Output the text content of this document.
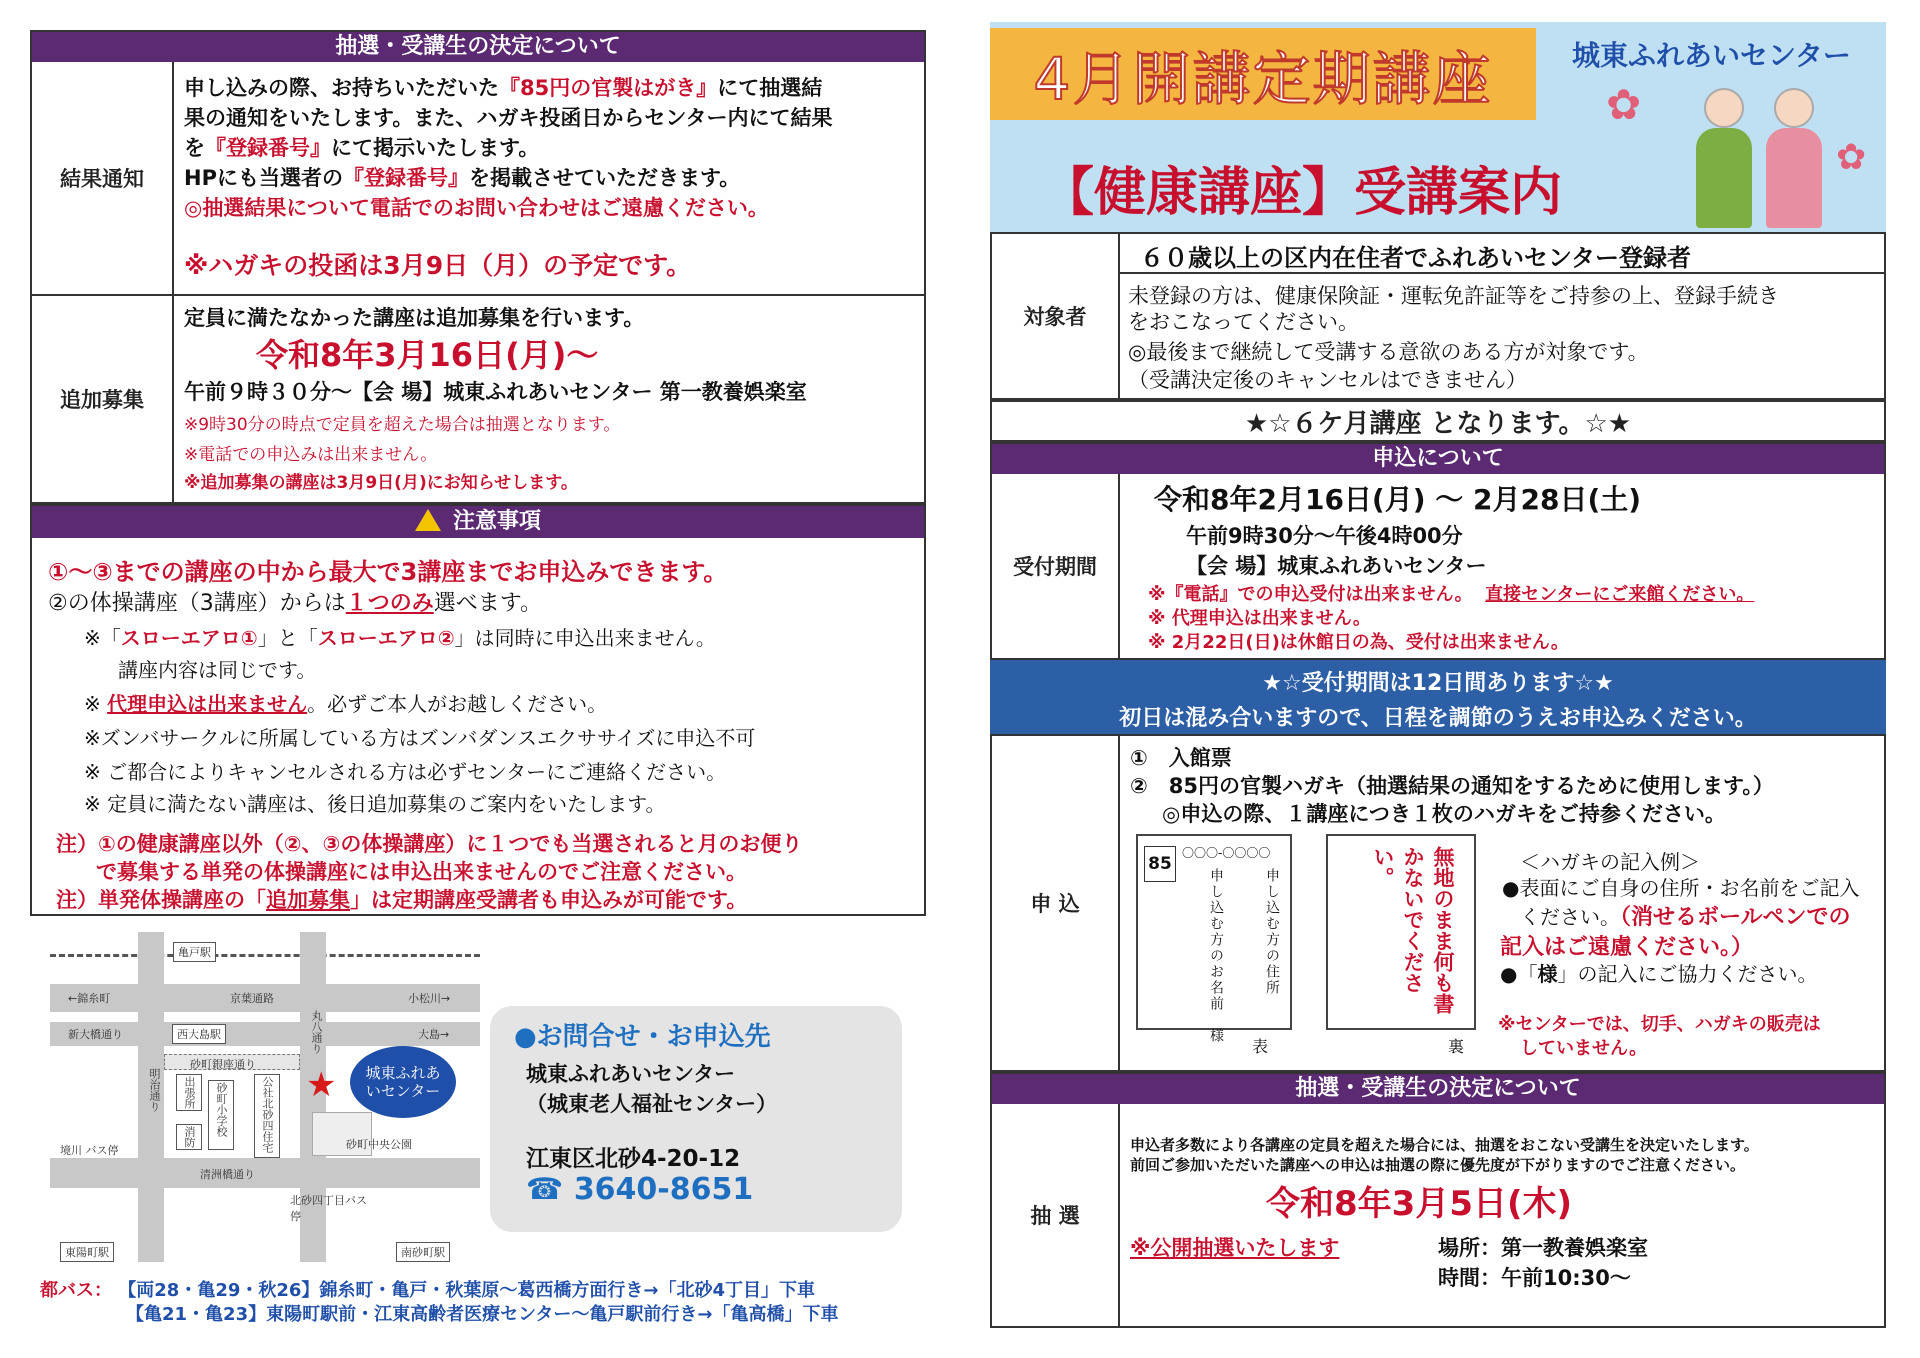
抽選・受講生の決定について
結果通知
申し込みの際、お持ちいただいた『85円の官製はがき』にて抽選結
果の通知をいたします。また、ハガキ投函日からセンター内にて結果
を『登録番号』にて掲示いたします。
HPにも当選者の『登録番号』を掲載させていただきます。
◎抽選結果について電話でのお問い合わせはご遠慮ください。
※ハガキの投函は3月9日（月）の予定です。
追加募集
定員に満たなかった講座は追加募集を行います。
令和8年3月16日(月)～
午前９時３０分～【会 場】城東ふれあいセンター 第一教養娯楽室
※9時30分の時点で定員を超えた場合は抽選となります。
※電話での申込みは出来ません。
※追加募集の講座は3月9日(月)にお知らせします。
注意事項
①～③までの講座の中から最大で3講座までお申込みできます。
②の体操講座（3講座）からは１つのみ選べます。
※「スローエアロ①」と「スローエアロ②」は同時に申込出来ません。
講座内容は同じです。
※ 代理申込は出来ません。必ずご本人がお越しください。
※ズンバサークルに所属している方はズンバダンスエクササイズに申込不可
※ ご都合によりキャンセルされる方は必ずセンターにご連絡ください。
※ 定員に満たない講座は、後日追加募集のご案内をいたします。
注）①の健康講座以外（②、③の体操講座）に１つでも当選されると月のお便り
で募集する単発の体操講座には申込出来ませんのでご注意ください。
注）単発体操講座の「追加募集」は定期講座受講者も申込みが可能です。
亀戸駅
←錦糸町	京葉通路	小松川→
新大橋通り	西大島駅	大島→
丸八通り
砂町銀座通り
明治通り	出張所
消防	砂町小学校	公社北砂四住宅 ★	城東ふれあいセンター
砂町中央公園
境川 バス停
清洲橋通り
北砂四丁目バス停
東陽町駅	南砂町駅
●お問合せ・お申込先
城東ふれあいセンター
（城東老人福祉センター）
江東区北砂4-20-12
☎ 3640-8651
都バス： 【両28・亀29・秋26】錦糸町・亀戸・秋葉原～葛西橋方面行き→「北砂4丁目」下車
【亀21・亀23】東陽町駅前・江東高齢者医療センター～亀戸駅前行き→「亀高橋」下車
4月開講定期講座	城東ふれあいセンター
【健康講座】受講案内
✿
✿
対象者
６０歳以上の区内在住者でふれあいセンター登録者
未登録の方は、健康保険証・運転免許証等をご持参の上、登録手続き
をおこなってください。
◎最後まで継続して受講する意欲のある方が対象です。
（受講決定後のキャンセルはできません）
★☆６ケ月講座 となります。☆★
申込について
受付期間
令和8年2月16日(月) ～ 2月28日(土)
午前9時30分～午後4時00分
【会 場】城東ふれあいセンター
※『電話』での申込受付は出来ません。 直接センターにご来館ください。
※ 代理申込は出来ません。
※ 2月22日(日)は休館日の為、受付は出来ません。
★☆受付期間は12日間あります☆★
初日は混み合いますので、日程を調節のうえお申込みください。
申 込
①　入館票
②　85円の官製ハガキ（抽選結果の通知をするために使用します。）
◎申込の際、１講座につき１枚のハガキをご持参ください。
85
〇〇〇-〇〇〇〇
申し込む方の住所
申し込む方のお名前　様
表
無地のまま何も書かないでください。
裏
＜ハガキの記入例＞
●表面にご自身の住所・お名前をご記入
ください。（消せるボールペンでの
記入はご遠慮ください。）
●「様」の記入にご協力ください。
※センターでは、切手、ハガキの販売は
していません。
抽選・受講生の決定について
抽 選
申込者多数により各講座の定員を超えた場合には、抽選をおこない受講生を決定いたします。
前回ご参加いただいた講座への申込は抽選の際に優先度が下がりますのでご注意ください。
令和8年3月5日(木)
※公開抽選いたします	場所：第一教養娯楽室
時間：午前10:30～
